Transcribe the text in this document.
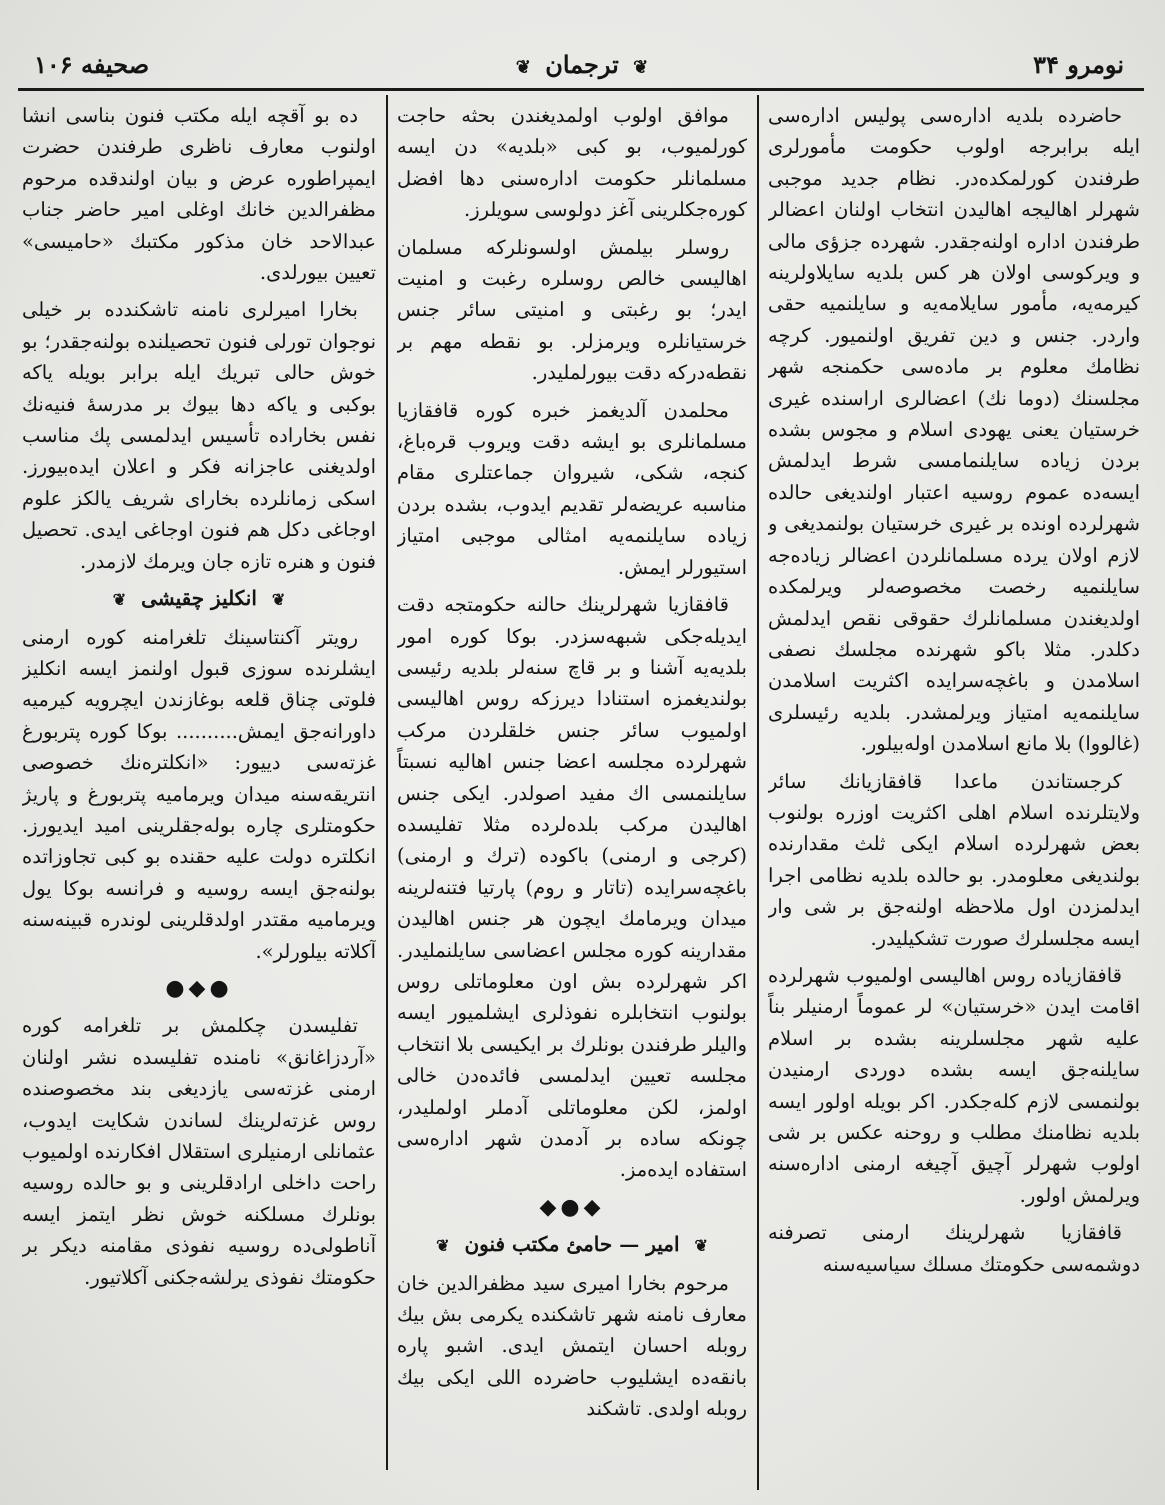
صحیفه ۱۰۶	❦ ترجمان ❦	نومرو ۳۴

حاضرده بلدیه اداره‌سی پولیس اداره‌سی ایله برابرجه اولوب حکومت مأمورلری طرفندن کورلمکده‌در. نظام جدید موجبی شهرلر اهالیجه اهالیدن انتخاب اولنان اعضالر طرفندن اداره اولنه‌جقدر. شهرده جزؤی مالی و ویرکوسی اولان هر کس بلدیه سایلاولرینه کیرمه‌یه، مأمور سایلامه‌یه و سایلنمیه حقی واردر. جنس و دین تفریق اولنمیور. کرچه نظامك معلوم بر ماده‌سی حکمنجه شهر مجلسنك (دوما نك) اعضالری اراسنده غیری خرستیان یعنی یهودی اسلام و مجوس بشده بردن زیاده سایلنمامسی شرط ایدلمش ایسه‌ده عموم روسیه اعتبار اولندیغی حالده شهرلرده اونده بر غیری خرستیان بولنمدیغی و لازم اولان یرده مسلمانلردن اعضالر زیاده‌جه سایلنمیه رخصت مخصوصه‌لر ویرلمکده اولدیغندن مسلمانلرك حقوقی نقص ایدلمش دکلدر. مثلا باکو شهرنده مجلسك نصفی اسلامدن و باغچه‌سرایده اکثریت اسلامدن سایلنمه‌یه امتیاز ویرلمشدر. بلدیه رئیسلری (غالووا) بلا مانع اسلامدن اوله‌بیلور.

کرجستاندن ماعدا قافقازیانك سائر ولایتلرنده اسلام اهلی اکثریت اوزره بولنوب بعض شهرلرده اسلام ایکی ثلث مقدارنده بولندیغی معلومدر. بو حالده بلدیه نظامی اجرا ایدلمزدن اول ملاحظه اولنه‌جق بر شی وار ایسه مجلسلرك صورت تشکیلیدر.

قافقازیاده روس اهالیسی اولمیوب شهرلرده اقامت ایدن «خرستیان» لر عموماً ارمنیلر بناً علیه شهر مجلسلرینه بشده بر اسلام سایلنه‌جق ایسه بشده دوردی ارمنیدن بولنمسی لازم کله‌جکدر. اکر بویله اولور ایسه بلدیه نظامنك مطلب و روحنه عکس بر شی اولوب شهرلر آچیق آچیغه ارمنی اداره‌سنه ویرلمش اولور.

قافقازیا شهرلرینك ارمنی تصرفنه دوشمه‌سی حکومتك مسلك سیاسیه‌سنه

موافق اولوب اولمدیغندن بحثه حاجت کورلمیوب، بو کبی «بلدیه» دن ایسه مسلمانلر حکومت اداره‌سنی دها افضل کوره‌جکلرینی آغز دولوسی سویلرز.

روسلر بیلمش اولسونلرکه مسلمان اهالیسی خالص روسلره رغبت و امنیت ایدر؛ بو رغبتی و امنیتی سائر جنس خرستیانلره ویرمزلر. بو نقطه مهم بر نقطه‌درکه دقت بیورلملیدر.

محلمدن آلدیغمز خبره کوره قافقازیا مسلمانلری بو ایشه دقت ویروب قره‌باغ، کنجه، شکی، شیروان جماعتلری مقام مناسبه عریضه‌لر تقدیم ایدوب، بشده بردن زیاده سایلنمه‌یه امثالی موجبی امتیاز استیورلر ایمش.

قافقازیا شهرلرینك حالنه حکومتجه دقت ایدیله‌جکی شبهه‌سزدر. بوکا کوره امور بلدیه‌یه آشنا و بر قاچ سنه‌لر بلدیه رئیسی بولندیغمزه استنادا دیرزکه روس اهالیسی اولمیوب سائر جنس خلقلردن مرکب شهرلرده مجلسه اعضا جنس اهالیه نسبتاً سایلنمسی اك مفید اصولدر. ایکی جنس اهالیدن مرکب بلده‌لرده مثلا تفلیسده (کرجی و ارمنی) باکوده (ترك و ارمنی) باغچه‌سرایده (تاتار و روم) پارتیا فتنه‌لرینه میدان ویرمامك ایچون هر جنس اهالیدن مقدارینه کوره مجلس اعضاسی سایلنملیدر. اکر شهرلرده بش اون معلوماتلی روس بولنوب انتخابلره نفوذلری ایشلمیور ایسه والیلر طرفندن بونلرك بر ایکیسی بلا انتخاب مجلسه تعیین ایدلمسی فائده‌دن خالی اولمز، لکن معلوماتلی آدملر اولملیدر، چونکه ساده بر آدمدن شهر اداره‌سی استفاده ایده‌مز.

◆●◆
❦ امیر — حامئ مکتب فنون ❦

مرحوم بخارا امیری سید مظفرالدین خان معارف نامنه شهر تاشکنده یکرمی بش بیك روبله احسان ایتمش ایدی. اشبو پاره بانقه‌ده ایشلیوب حاضرده اللی ایکی بیك روبله اولدی. تاشکند

ده بو آقچه ایله مکتب فنون بناسی انشا اولنوب معارف ناظری طرفندن حضرت ایمپراطوره عرض و بیان اولندقده مرحوم مظفرالدین خانك اوغلی امیر حاضر جناب عبدالاحد خان مذکور مکتبك «حامیسی» تعیین بیورلدی.

بخارا امیرلری نامنه تاشکندده بر خیلی نوجوان تورلی فنون تحصیلنده بولنه‌جقدر؛ بو خوش حالی تبریك ایله برابر بویله یاکه بوکبی و یاکه دها بیوك بر مدرسهٔ فنیه‌نك نفس بخاراده تأسیس ایدلمسی پك مناسب اولدیغنی عاجزانه فکر و اعلان ایده‌بیورز. اسکی زمانلرده بخارای شریف یالکز علوم اوجاغی دکل هم فنون اوجاغی ایدی. تحصیل فنون و هنره تازه جان ویرمك لازمدر.

❦ انکلیز چقیشی ❦

رویتر آکنتاسینك تلغرامنه کوره ارمنی ایشلرنده سوزی قبول اولنمز ایسه انکلیز فلوتی چناق قلعه بوغازندن ایچرویه کیرمیه داورانه‌جق ایمش.......... بوکا کوره پتربورغ غزته‌سی دییور: «انکلتره‌نك خصوصی انتریقه‌سنه میدان ویرمامیه پتربورغ و پاریژ حکومتلری چاره بوله‌جقلرینی امید ایدیورز. انکلتره دولت علیه حقنده بو کبی تجاوزاتده بولنه‌جق ایسه روسیه و فرانسه بوکا یول ویرمامیه مقتدر اولدقلرینی لوندره قبینه‌سنه آکلاته بیلورلر».

●◆●

تفلیسدن چکلمش بر تلغرامه کوره «آردزاغانق» نامنده تفلیسده نشر اولنان ارمنی غزته‌سی یازدیغی بند مخصوصنده روس غزته‌لرینك لساندن شکایت ایدوب، عثمانلی ارمنیلری استقلال افکارنده اولمیوب راحت داخلی ارادقلرینی و بو حالده روسیه بونلرك مسلکنه خوش نظر ایتمز ایسه آناطولی‌ده روسیه نفوذی مقامنه دیکر بر حکومتك نفوذی یرلشه‌جکنی آکلاتیور.
